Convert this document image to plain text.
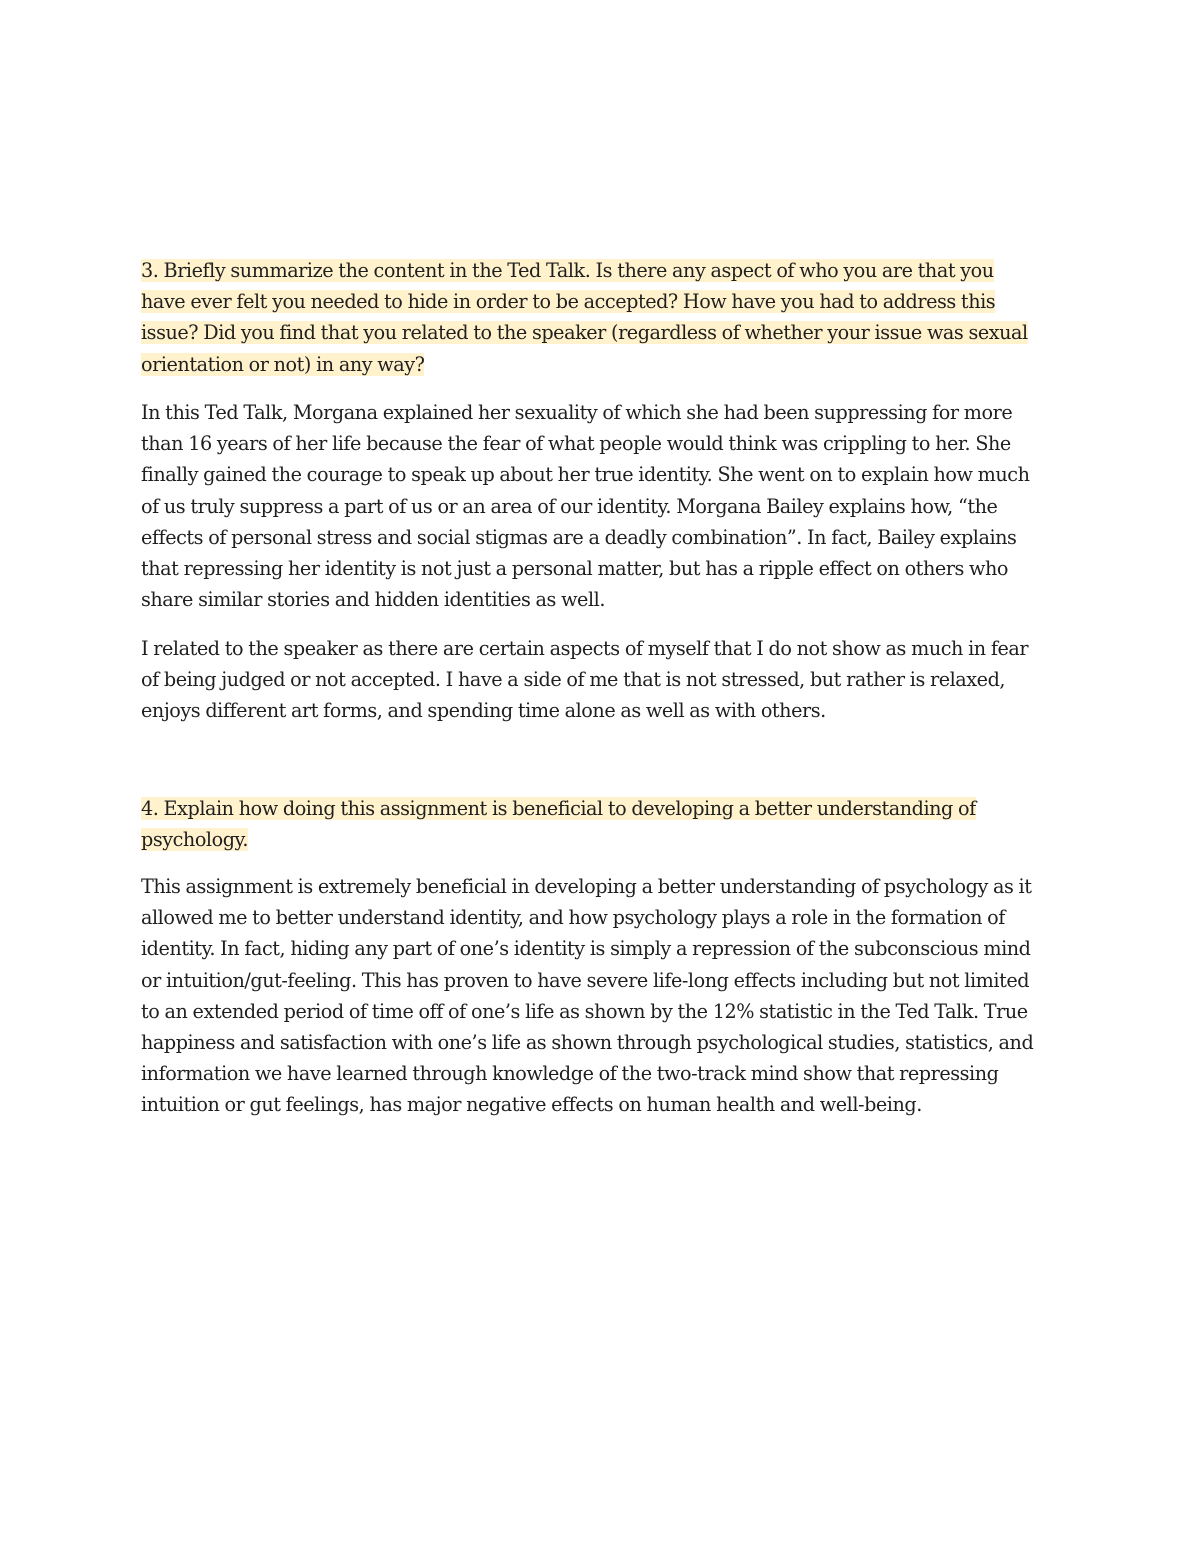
3. Briefly summarize the content in the Ted Talk. Is there any aspect of who you are that you
have ever felt you needed to hide in order to be accepted? How have you had to address this
issue? Did you find that you related to the speaker (regardless of whether your issue was sexual
orientation or not) in any way?
In this Ted Talk, Morgana explained her sexuality of which she had been suppressing for more
than 16 years of her life because the fear of what people would think was crippling to her. She
finally gained the courage to speak up about her true identity. She went on to explain how much
of us truly suppress a part of us or an area of our identity. Morgana Bailey explains how, “the
effects of personal stress and social stigmas are a deadly combination”. In fact, Bailey explains
that repressing her identity is not just a personal matter, but has a ripple effect on others who
share similar stories and hidden identities as well.
I related to the speaker as there are certain aspects of myself that I do not show as much in fear
of being judged or not accepted. I have a side of me that is not stressed, but rather is relaxed,
enjoys different art forms, and spending time alone as well as with others.
4. Explain how doing this assignment is beneficial to developing a better understanding of
psychology.
This assignment is extremely beneficial in developing a better understanding of psychology as it
allowed me to better understand identity, and how psychology plays a role in the formation of
identity. In fact, hiding any part of one’s identity is simply a repression of the subconscious mind
or intuition/gut-feeling. This has proven to have severe life-long effects including but not limited
to an extended period of time off of one’s life as shown by the 12% statistic in the Ted Talk. True
happiness and satisfaction with one’s life as shown through psychological studies, statistics, and
information we have learned through knowledge of the two-track mind show that repressing
intuition or gut feelings, has major negative effects on human health and well-being.
